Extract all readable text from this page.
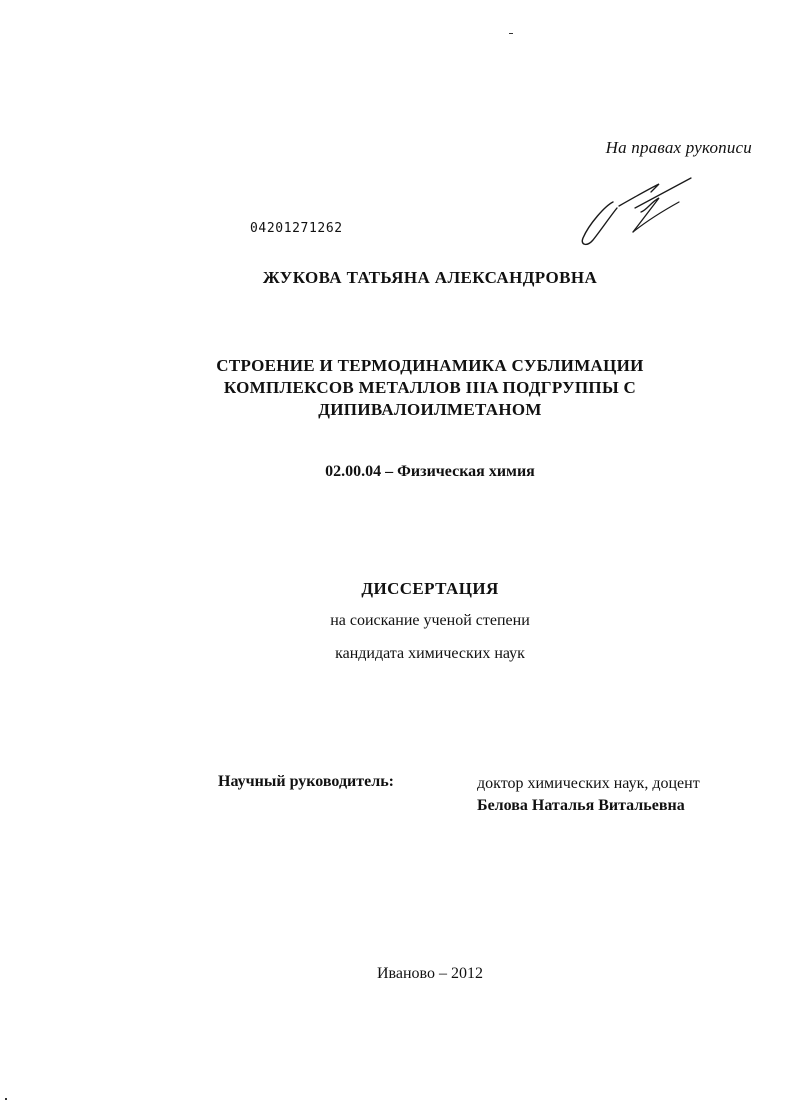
На правах рукописи
04201271262
ЖУКОВА ТАТЬЯНА АЛЕКСАНДРОВНА
СТРОЕНИЕ И ТЕРМОДИНАМИКА СУБЛИМАЦИИ
КОМПЛЕКСОВ МЕТАЛЛОВ IIIA ПОДГРУППЫ С
ДИПИВАЛОИЛМЕТАНОМ
02.00.04 – Физическая химия
ДИССЕРТАЦИЯ
на соискание ученой степени
кандидата химических наук
Научный руководитель:	доктор химических наук, доцент
Белова Наталья Витальевна
Иваново – 2012
